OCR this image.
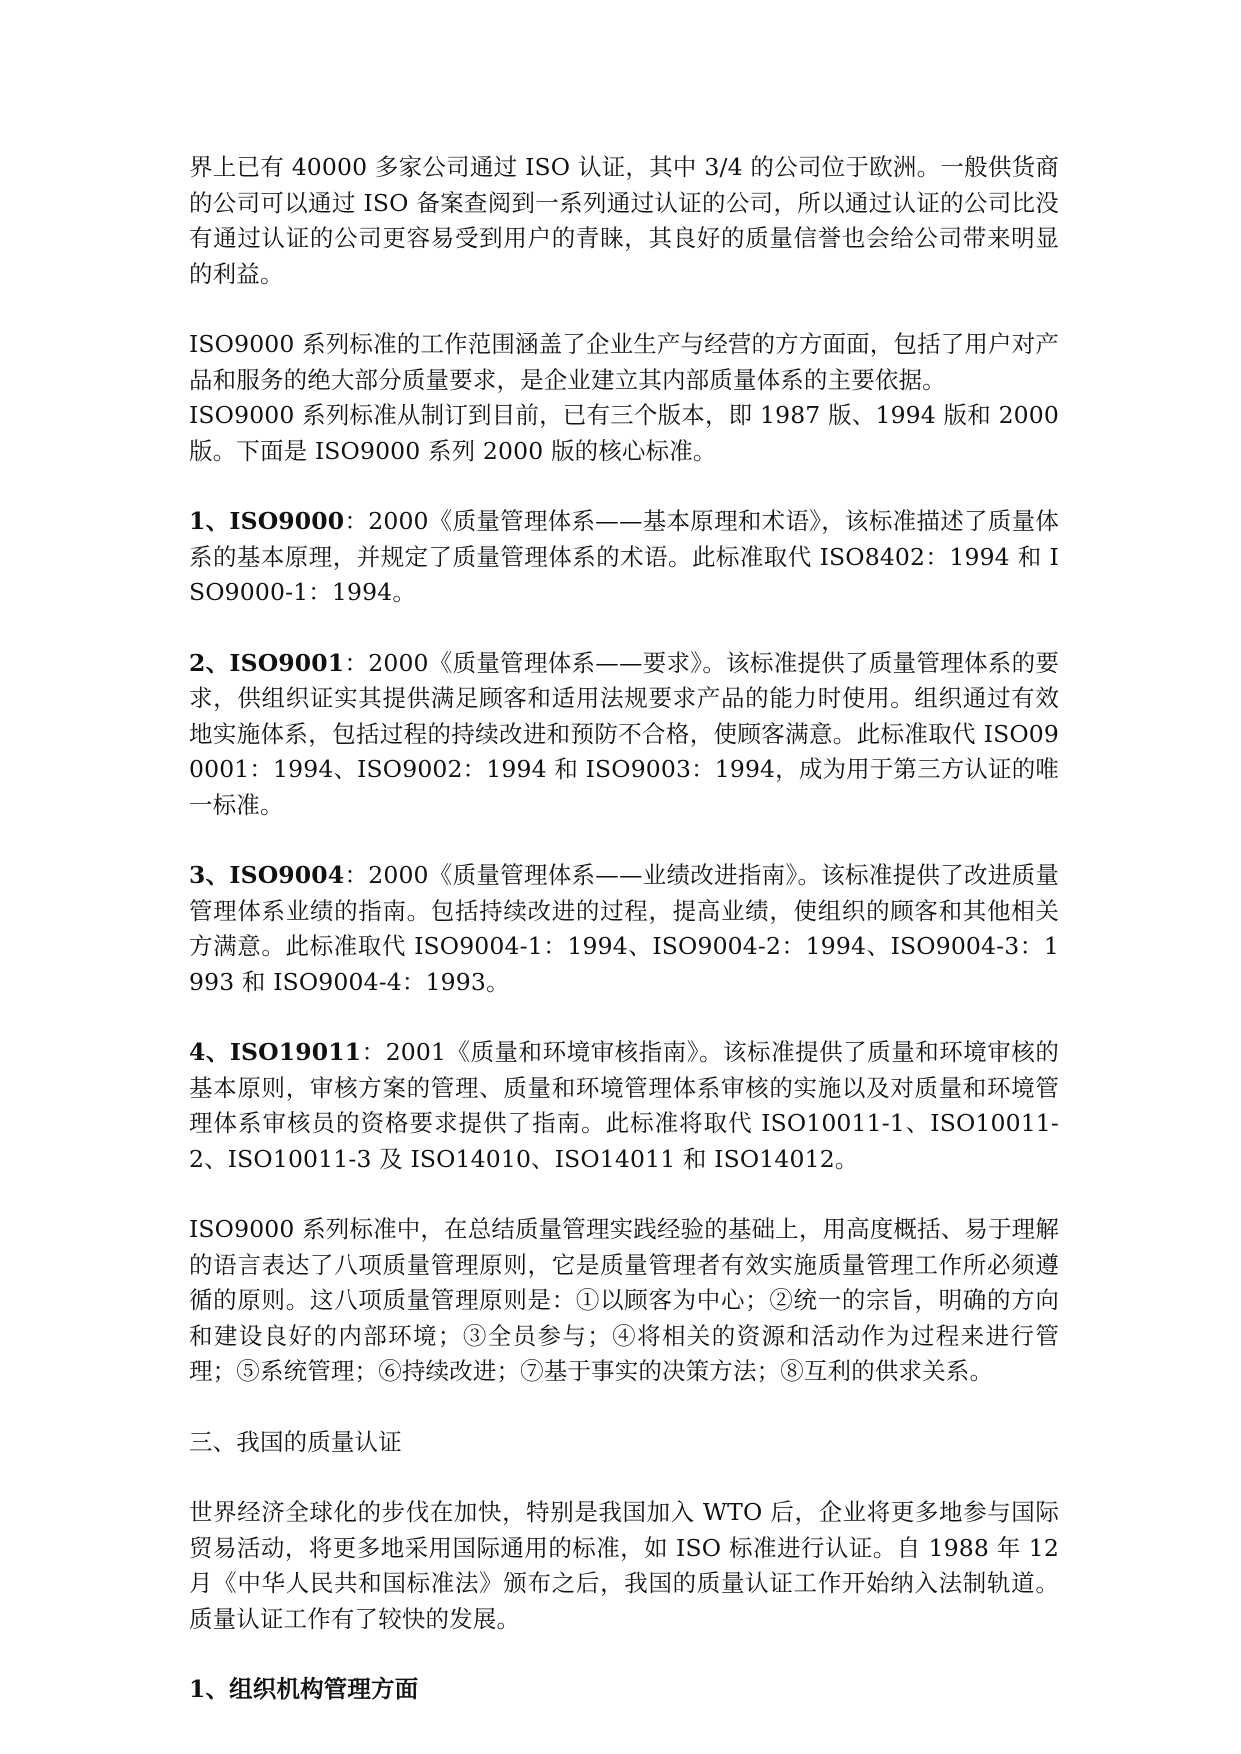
界上已有 40000 多家公司通过 ISO 认证，其中 3/4 的公司位于欧洲。一般供货商的公司可以通过 ISO 备案查阅到一系列通过认证的公司，所以通过认证的公司比没有通过认证的公司更容易受到用户的青睐，其良好的质量信誉也会给公司带来明显的利益。

ISO9000 系列标准的工作范围涵盖了企业生产与经营的方方面面，包括了用户对产品和服务的绝大部分质量要求，是企业建立其内部质量体系的主要依据。

ISO9000 系列标准从制订到目前，已有三个版本，即 1987 版、1994 版和 2000 版。下面是 ISO9000 系列 2000 版的核心标准。

1、ISO9000：2000《质量管理体系——基本原理和术语》，该标准描述了质量体系的基本原理，并规定了质量管理体系的术语。此标准取代 ISO8402：1994 和 ISO9000-1：1994。

2、ISO9001：2000《质量管理体系——要求》。该标准提供了质量管理体系的要求，供组织证实其提供满足顾客和适用法规要求产品的能力时使用。组织通过有效地实施体系，包括过程的持续改进和预防不合格，使顾客满意。此标准取代 ISO090001：1994、ISO9002：1994 和 ISO9003：1994，成为用于第三方认证的唯一标准。

3、ISO9004：2000《质量管理体系——业绩改进指南》。该标准提供了改进质量管理体系业绩的指南。包括持续改进的过程，提高业绩，使组织的顾客和其他相关方满意。此标准取代 ISO9004-1：1994、ISO9004-2：1994、ISO9004-3：1993 和 ISO9004-4：1993。

4、ISO19011：2001《质量和环境审核指南》。该标准提供了质量和环境审核的基本原则，审核方案的管理、质量和环境管理体系审核的实施以及对质量和环境管理体系审核员的资格要求提供了指南。此标准将取代 ISO10011-1、ISO10011-2、ISO10011-3 及 ISO14010、ISO14011 和 ISO14012。

ISO9000 系列标准中，在总结质量管理实践经验的基础上，用高度概括、易于理解的语言表达了八项质量管理原则，它是质量管理者有效实施质量管理工作所必须遵循的原则。这八项质量管理原则是：①以顾客为中心；②统一的宗旨，明确的方向和建设良好的内部环境；③全员参与；④将相关的资源和活动作为过程来进行管理；⑤系统管理；⑥持续改进；⑦基于事实的决策方法；⑧互利的供求关系。

三、我国的质量认证

世界经济全球化的步伐在加快，特别是我国加入 WTO 后，企业将更多地参与国际贸易活动，将更多地采用国际通用的标准，如 ISO 标准进行认证。自 1988 年 12 月《中华人民共和国标准法》颁布之后，我国的质量认证工作开始纳入法制轨道。质量认证工作有了较快的发展。

1、组织机构管理方面
